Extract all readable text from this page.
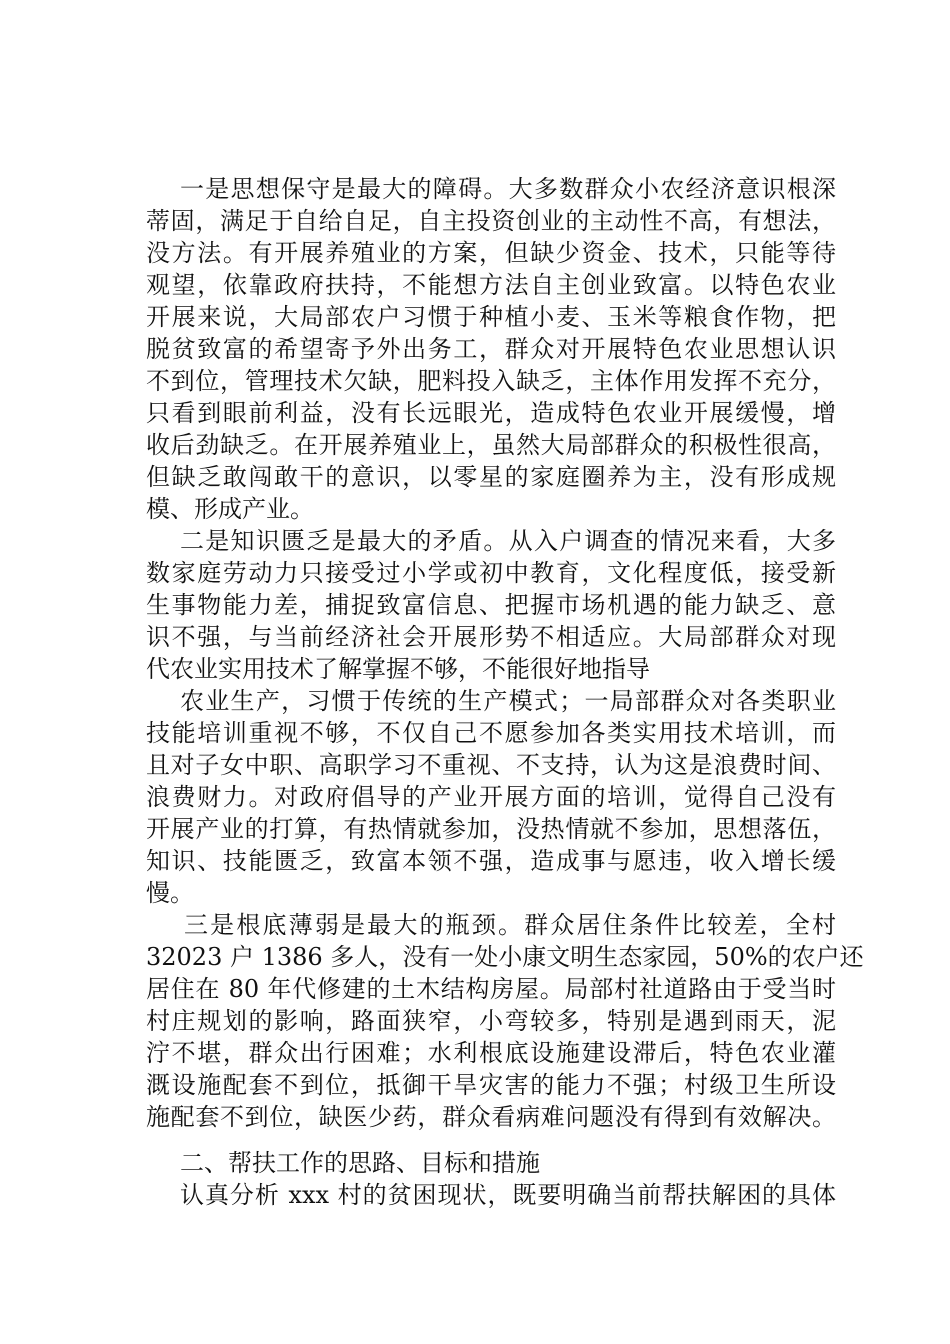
一是思想保守是最大的障碍。大多数群众小农经济意识根深
蒂固，满足于自给自足，自主投资创业的主动性不高，有想法，
没方法。有开展养殖业的方案，但缺少资金、技术，只能等待
观望，依靠政府扶持，不能想方法自主创业致富。以特色农业
开展来说，大局部农户习惯于种植小麦、玉米等粮食作物，把
脱贫致富的希望寄予外出务工，群众对开展特色农业思想认识
不到位，管理技术欠缺，肥料投入缺乏，主体作用发挥不充分，
只看到眼前利益，没有长远眼光，造成特色农业开展缓慢，增
收后劲缺乏。在开展养殖业上，虽然大局部群众的积极性很高，
但缺乏敢闯敢干的意识，以零星的家庭圈养为主，没有形成规
模、形成产业。
二是知识匮乏是最大的矛盾。从入户调查的情况来看，大多
数家庭劳动力只接受过小学或初中教育，文化程度低，接受新
生事物能力差，捕捉致富信息、把握市场机遇的能力缺乏、意
识不强，与当前经济社会开展形势不相适应。大局部群众对现
代农业实用技术了解掌握不够，不能很好地指导
农业生产，习惯于传统的生产模式；一局部群众对各类职业
技能培训重视不够，不仅自己不愿参加各类实用技术培训，而
且对子女中职、高职学习不重视、不支持，认为这是浪费时间、
浪费财力。对政府倡导的产业开展方面的培训，觉得自己没有
开展产业的打算，有热情就参加，没热情就不参加，思想落伍，
知识、技能匮乏，致富本领不强，造成事与愿违，收入增长缓
慢。
三是根底薄弱是最大的瓶颈。群众居住条件比较差，全村
32023 户 1386 多人，没有一处小康文明生态家园，50%的农户还
居住在 80 年代修建的土木结构房屋。局部村社道路由于受当时
村庄规划的影响，路面狭窄，小弯较多，特别是遇到雨天，泥
泞不堪，群众出行困难；水利根底设施建设滞后，特色农业灌
溉设施配套不到位，抵御干旱灾害的能力不强；村级卫生所设
施配套不到位，缺医少药，群众看病难问题没有得到有效解决。
二、帮扶工作的思路、目标和措施
认真分析 xxx 村的贫困现状，既要明确当前帮扶解困的具体
